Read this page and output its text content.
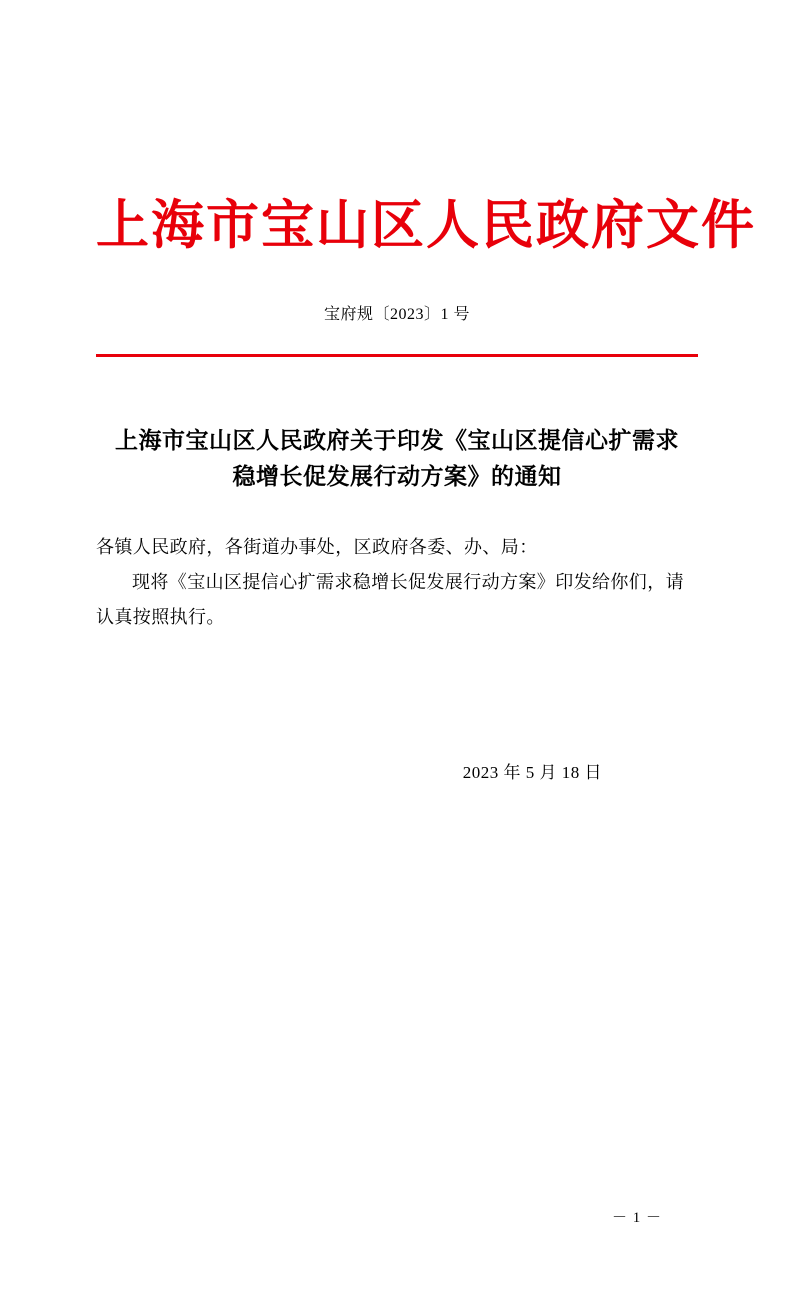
上海市宝山区人民政府文件
宝府规〔2023〕1 号
上海市宝山区人民政府关于印发《宝山区提信心扩需求稳增长促发展行动方案》的通知

各镇人民政府，各街道办事处，区政府各委、办、局：

现将《宝山区提信心扩需求稳增长促发展行动方案》印发给你们，请认真按照执行。

2023 年 5 月 18 日
－ 1 －
